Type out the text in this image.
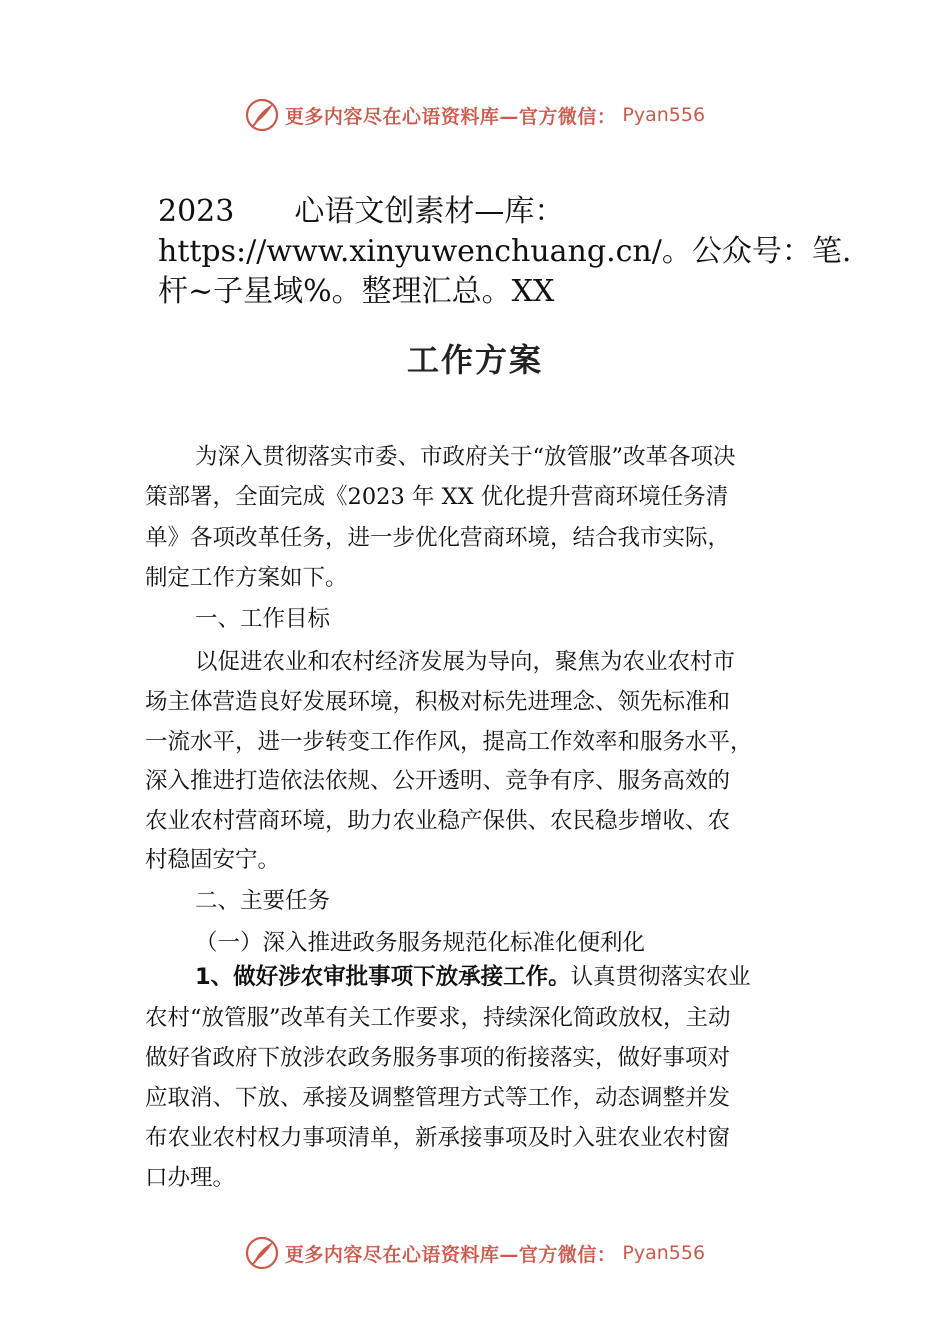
更多内容尽在心语资料库—官方微信： Pyan556
2023　　心语文创素材—库：
https://www.xinyuwenchuang.cn/。公众号：笔.
杆~子星域%。整理汇总。XX
工作方案
为深入贯彻落实市委、市政府关于“放管服”改革各项决
策部署，全面完成《2023 年 XX 优化提升营商环境任务清
单》各项改革任务，进一步优化营商环境，结合我市实际，
制定工作方案如下。
一、工作目标
以促进农业和农村经济发展为导向，聚焦为农业农村市
场主体营造良好发展环境，积极对标先进理念、领先标准和
一流水平，进一步转变工作作风，提高工作效率和服务水平，
深入推进打造依法依规、公开透明、竞争有序、服务高效的
农业农村营商环境，助力农业稳产保供、农民稳步增收、农
村稳固安宁。
二、主要任务
（一）深入推进政务服务规范化标准化便利化
1、做好涉农审批事项下放承接工作。认真贯彻落实农业
农村“放管服”改革有关工作要求，持续深化简政放权，主动
做好省政府下放涉农政务服务事项的衔接落实，做好事项对
应取消、下放、承接及调整管理方式等工作，动态调整并发
布农业农村权力事项清单，新承接事项及时入驻农业农村窗
口办理。
更多内容尽在心语资料库—官方微信： Pyan556
